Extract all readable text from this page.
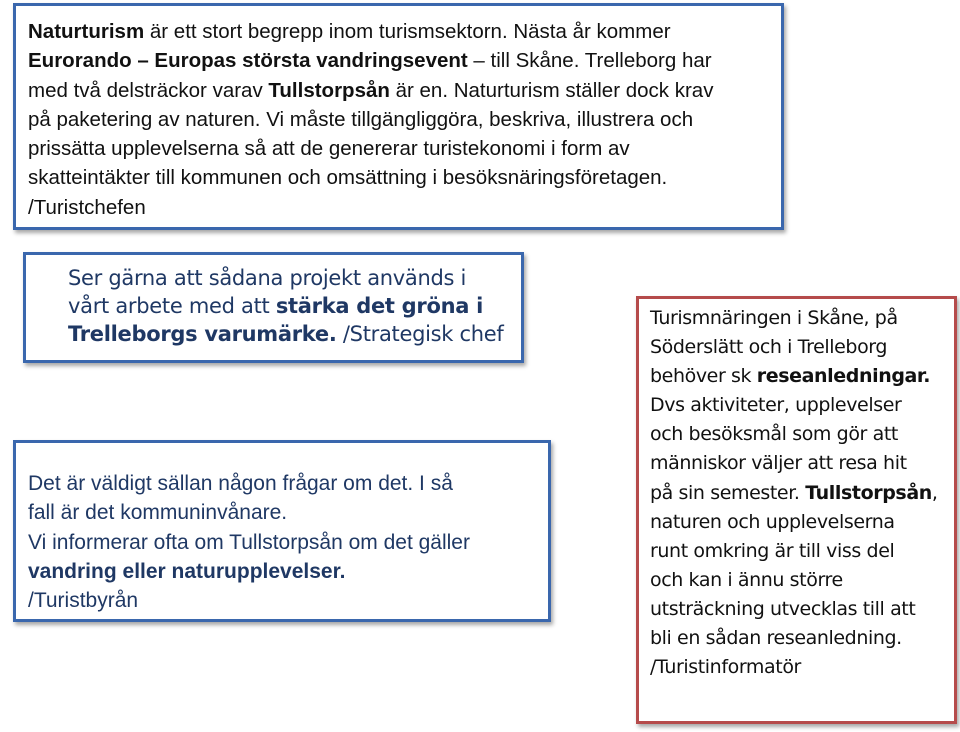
Naturturism är ett stort begrepp inom turismsektorn. Nästa år kommer

Eurorando – Europas största vandringsevent – till Skåne. Trelleborg har

med två delsträckor varav Tullstorpsån är en. Naturturism ställer dock krav

på paketering av naturen. Vi måste tillgängliggöra, beskriva, illustrera och

prissätta upplevelserna så att de genererar turistekonomi i form av

skatteintäkter till kommunen och omsättning i besöksnäringsföretagen.

/Turistchefen

Ser gärna att sådana projekt används i

vårt arbete med att stärka det gröna i

Trelleborgs varumärke. /Strategisk chef

Det är väldigt sällan någon frågar om det. I så

fall är det kommuninvånare.

Vi informerar ofta om Tullstorpsån om det gäller

vandring eller naturupplevelser.

/Turistbyrån

Turismnäringen i Skåne, på

Söderslätt och i Trelleborg

behöver sk reseanledningar.

Dvs aktiviteter, upplevelser

och besöksmål som gör att

människor väljer att resa hit

på sin semester. Tullstorpsån,

naturen och upplevelserna

runt omkring är till viss del

och kan i ännu större

utsträckning utvecklas till att

bli en sådan reseanledning.

/Turistinformatör
